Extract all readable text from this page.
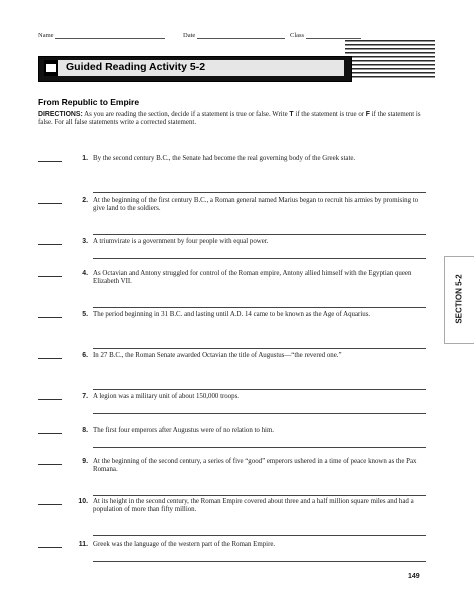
Name	Date	Class
Guided Reading Activity 5-2
From Republic to Empire
DIRECTIONS: As you are reading the section, decide if a statement is true or false. Write T if the statement is true or F if the statement is false. For all false statements write a corrected statement.
1. By the second century B.C., the Senate had become the real governing body of the Greek state.
2. At the beginning of the first century B.C., a Roman general named Marius began to recruit his armies by promising to give land to the soldiers.
3. A triumvirate is a government by four people with equal power.
4. As Octavian and Antony struggled for control of the Roman empire, Antony allied himself with the Egyptian queen Elizabeth VII.
5. The period beginning in 31 B.C. and lasting until A.D. 14 came to be known as the Age of Aquarius.
6. In 27 B.C., the Roman Senate awarded Octavian the title of Augustus—“the revered one.”
7. A legion was a military unit of about 150,000 troops.
8. The first four emperors after Augustus were of no relation to him.
9. At the beginning of the second century, a series of five “good” emperors ushered in a time of peace known as the Pax Romana.
10. At its height in the second century, the Roman Empire covered about three and a half million square miles and had a population of more than fifty million.
11. Greek was the language of the western part of the Roman Empire.
SECTION 5-2
149
